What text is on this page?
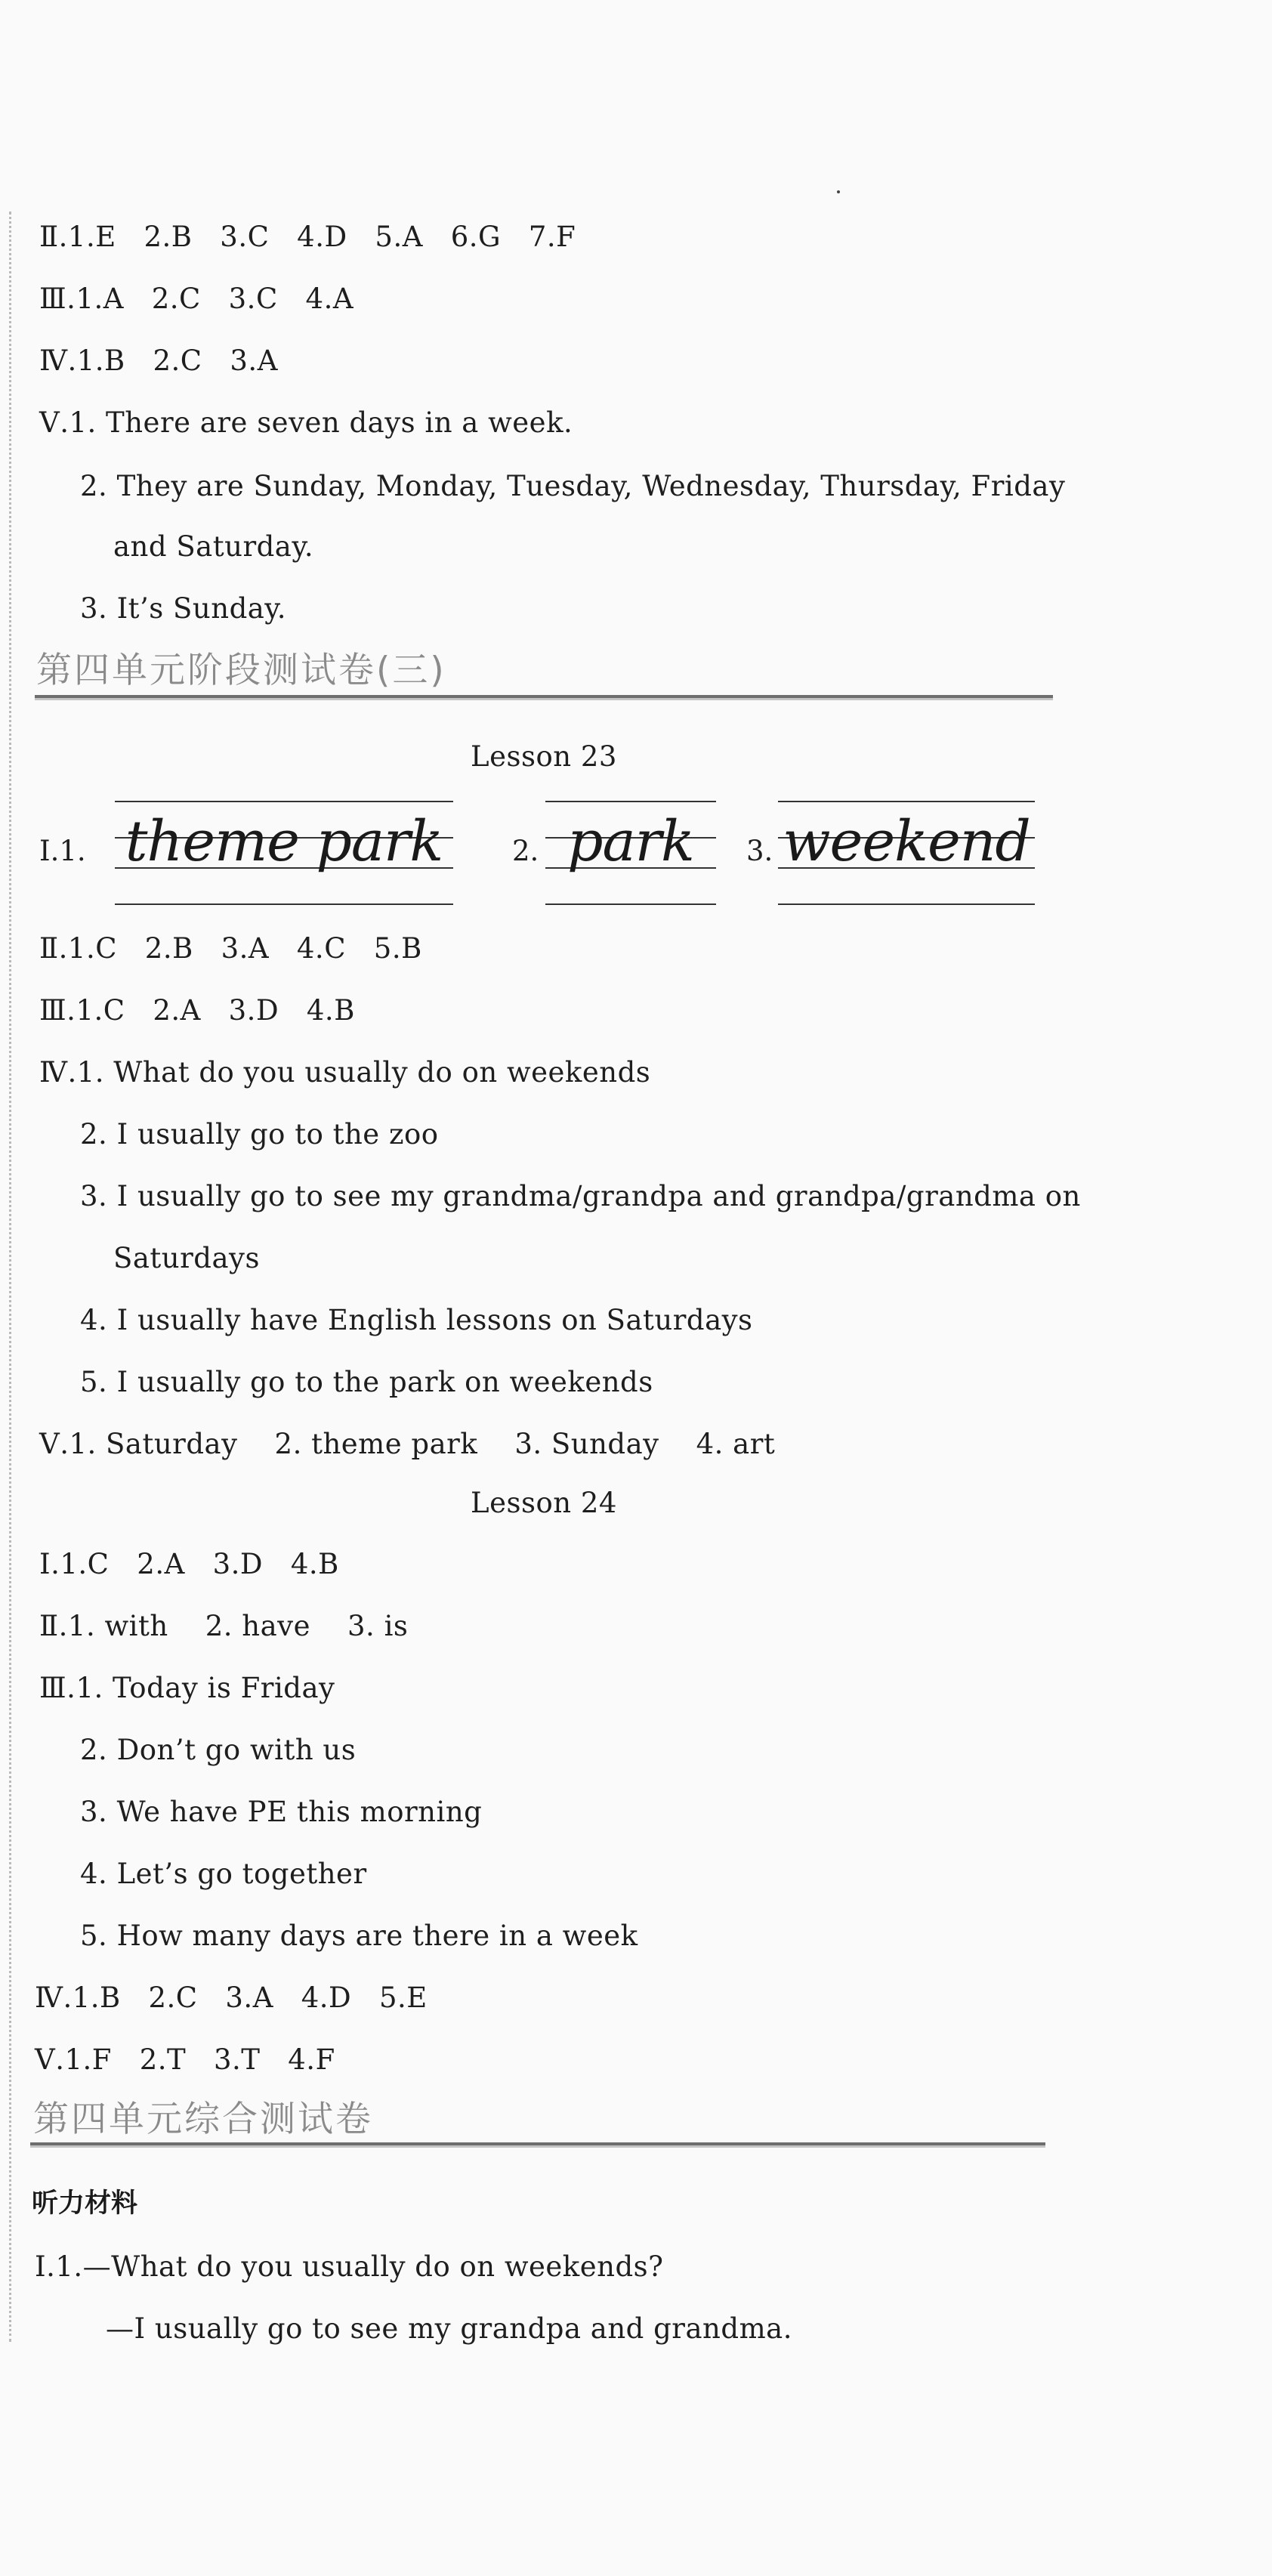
Ⅱ.1.E   2.B   3.C   4.D   5.A   6.G   7.F
Ⅲ.1.A   2.C   3.C   4.A
Ⅳ.1.B   2.C   3.A
Ⅴ.1. There are seven days in a week.
2. They are Sunday, Monday, Tuesday, Wednesday, Thursday, Friday
and Saturday.
3. It’s Sunday.
第四单元阶段测试卷(三)
Lesson 23
Ⅰ.1. theme park	2. park	3. weekend
Ⅱ.1.C   2.B   3.A   4.C   5.B
Ⅲ.1.C   2.A   3.D   4.B
Ⅳ.1. What do you usually do on weekends
2. I usually go to the zoo
3. I usually go to see my grandma/grandpa and grandpa/grandma on
Saturdays
4. I usually have English lessons on Saturdays
5. I usually go to the park on weekends
Ⅴ.1. Saturday    2. theme park    3. Sunday    4. art
Lesson 24
Ⅰ.1.C   2.A   3.D   4.B
Ⅱ.1. with    2. have    3. is
Ⅲ.1. Today is Friday
2. Don’t go with us
3. We have PE this morning
4. Let’s go together
5. How many days are there in a week
Ⅳ.1.B   2.C   3.A   4.D   5.E
Ⅴ.1.F   2.T   3.T   4.F
第四单元综合测试卷
听力材料
Ⅰ.1.—What do you usually do on weekends?
—I usually go to see my grandpa and grandma.
